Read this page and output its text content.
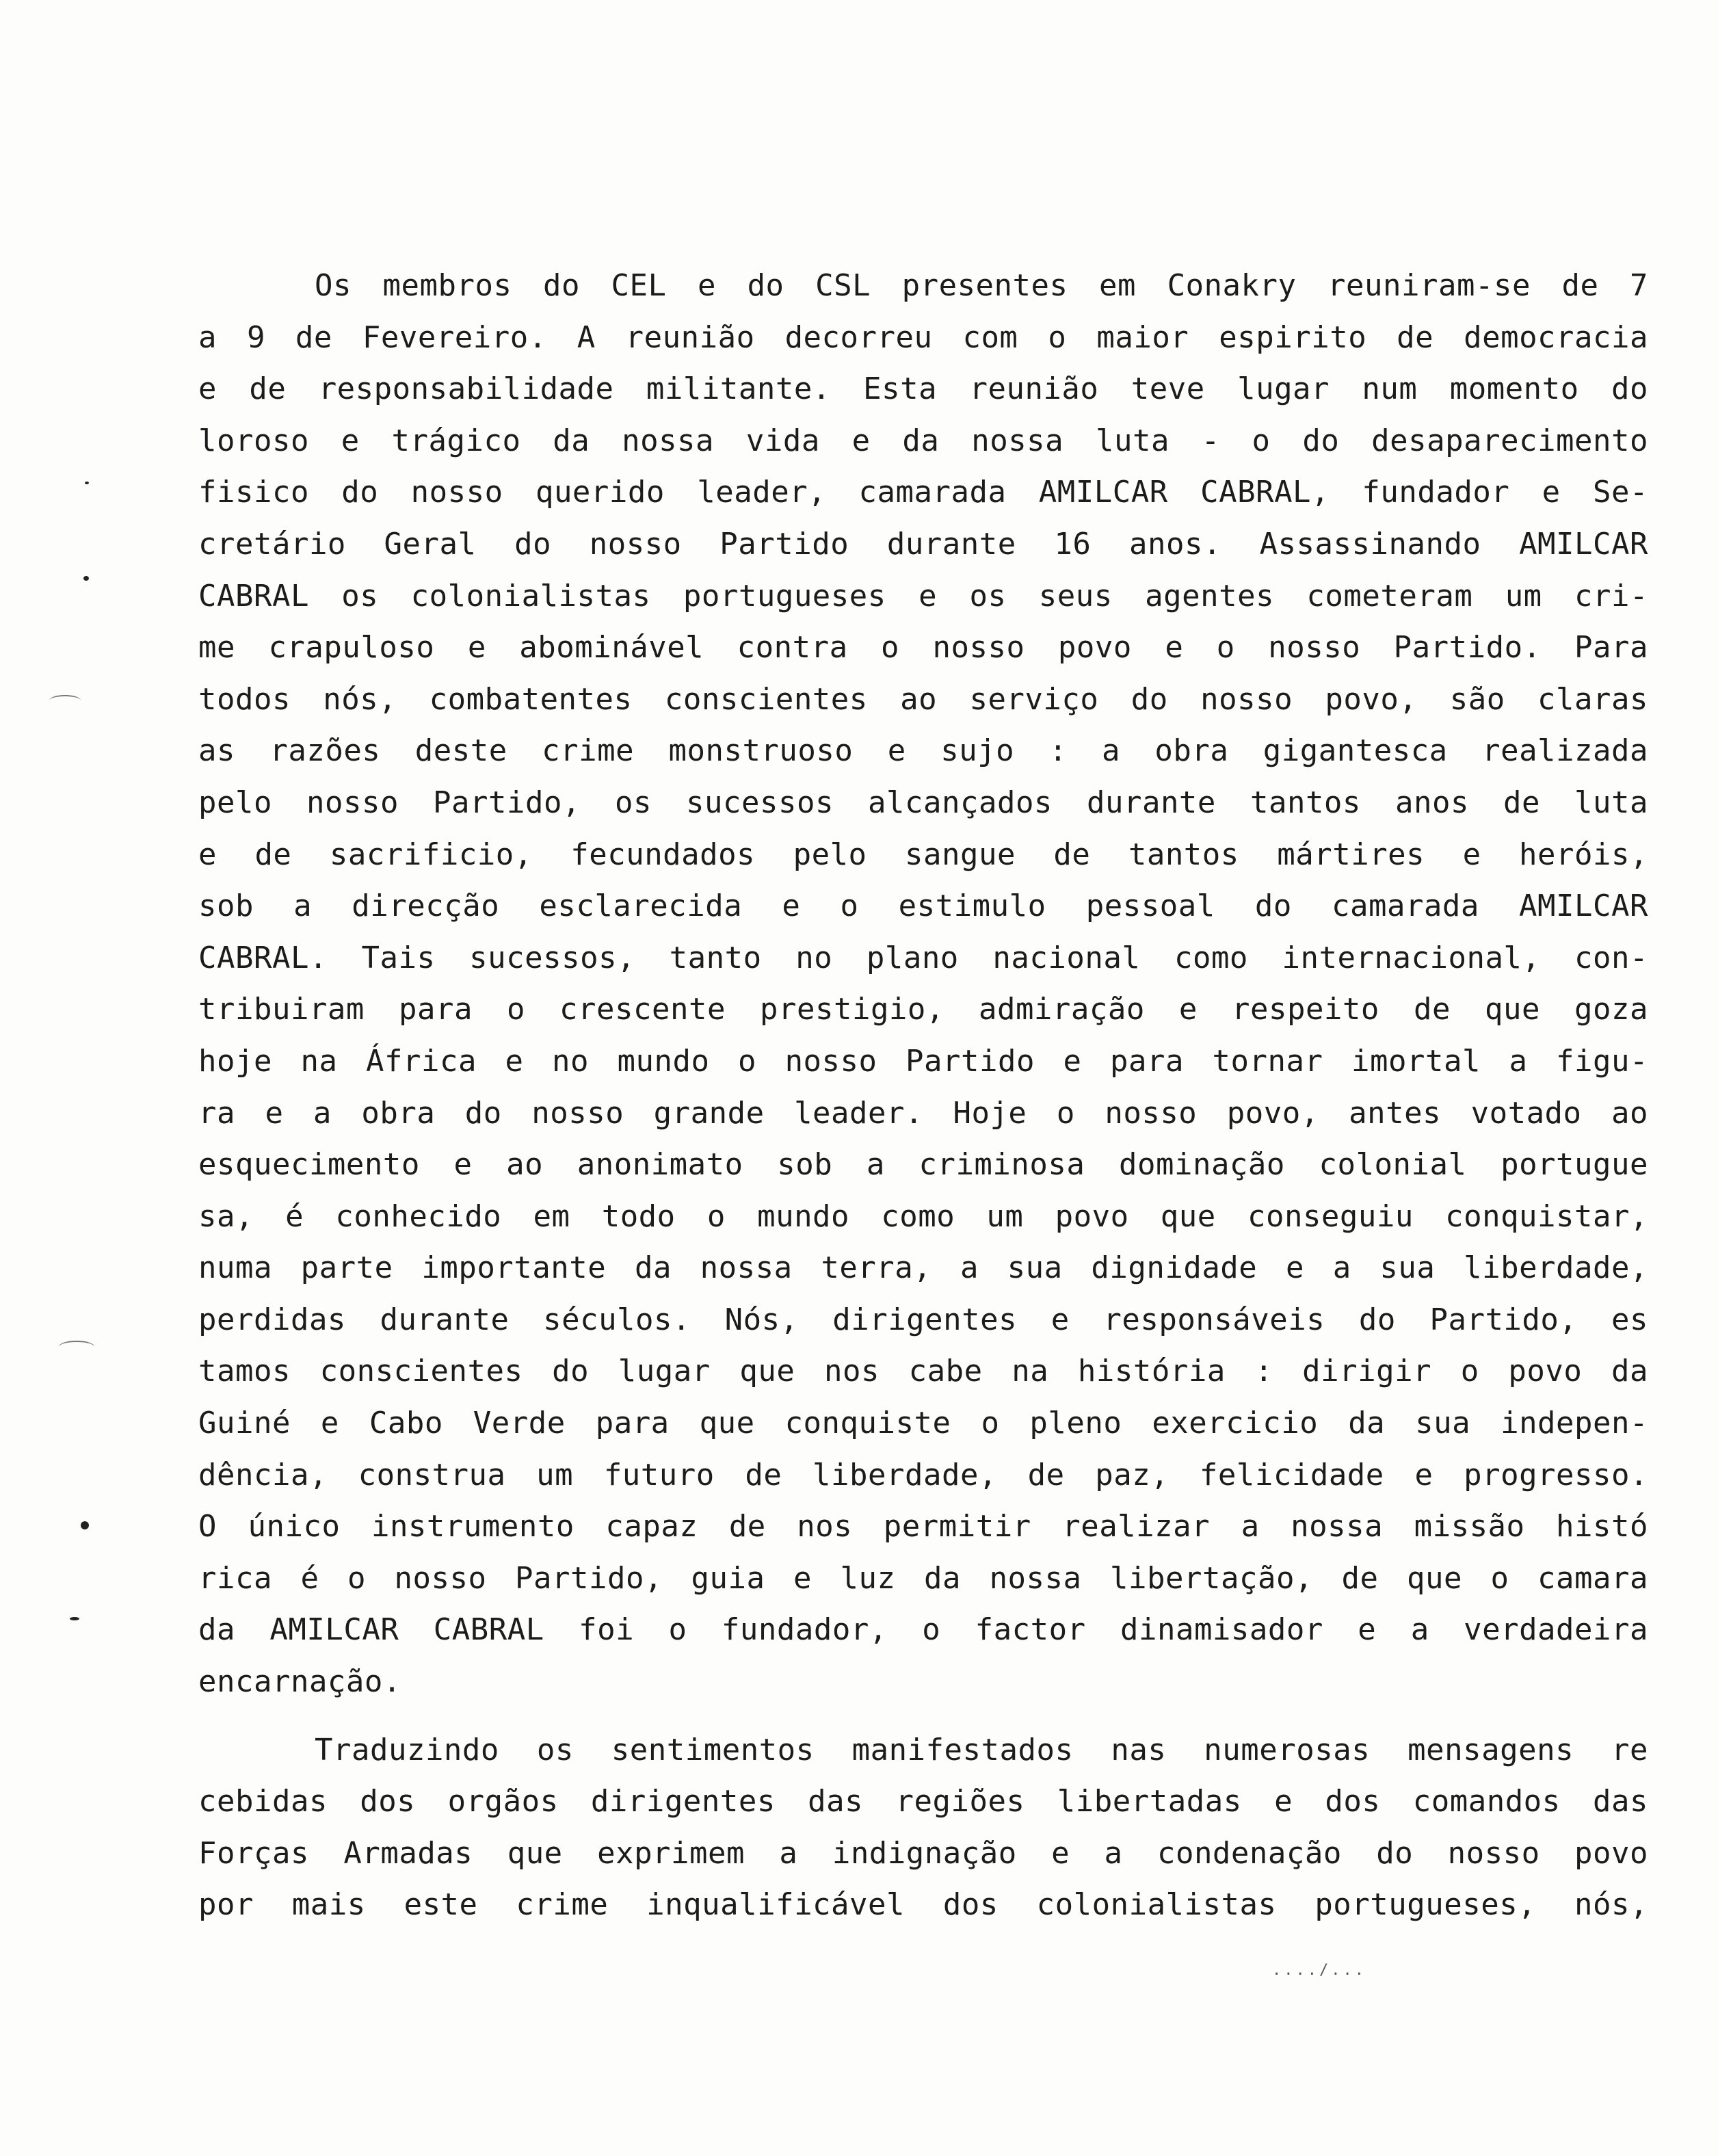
Os membros do CEL e do CSL presentes em Conakry reuniram-se de 7
a 9 de Fevereiro. A reunião decorreu com o maior espirito de democracia
e de responsabilidade militante. Esta reunião teve lugar num momento do
loroso e trágico da nossa vida e da nossa luta - o do desaparecimento
fisico do nosso querido leader, camarada AMILCAR CABRAL, fundador e Se-
cretário Geral do nosso Partido durante 16 anos. Assassinando AMILCAR
CABRAL os colonialistas portugueses e os seus agentes cometeram um cri-
me crapuloso e abominável contra o nosso povo e o nosso Partido. Para
todos nós, combatentes conscientes ao serviço do nosso povo, são claras
as razões deste crime monstruoso e sujo : a obra gigantesca realizada
pelo nosso Partido, os sucessos alcançados durante tantos anos de luta
e de sacrificio, fecundados pelo sangue de tantos mártires e heróis,
sob a direcção esclarecida e o estimulo pessoal do camarada AMILCAR
CABRAL. Tais sucessos, tanto no plano nacional como internacional, con-
tribuiram para o crescente prestigio, admiração e respeito de que goza
hoje na África e no mundo o nosso Partido e para tornar imortal a figu-
ra e a obra do nosso grande leader. Hoje o nosso povo, antes votado ao
esquecimento e ao anonimato sob a criminosa dominação colonial portugue
sa, é conhecido em todo o mundo como um povo que conseguiu conquistar,
numa parte importante da nossa terra, a sua dignidade e a sua liberdade,
perdidas durante séculos. Nós, dirigentes e responsáveis do Partido, es
tamos conscientes do lugar que nos cabe na história : dirigir o povo da
Guiné e Cabo Verde para que conquiste o pleno exercicio da sua indepen-
dência, construa um futuro de liberdade, de paz, felicidade e progresso.
O único instrumento capaz de nos permitir realizar a nossa missão histó
rica é o nosso Partido, guia e luz da nossa libertação, de que o camara
da AMILCAR CABRAL foi o fundador, o factor dinamisador e a verdadeira
encarnação.
Traduzindo os sentimentos manifestados nas numerosas mensagens re
cebidas dos orgãos dirigentes das regiões libertadas e dos comandos das
Forças Armadas que exprimem a indignação e a condenação do nosso povo
por mais este crime inqualificável dos colonialistas portugueses, nós,
..../...
